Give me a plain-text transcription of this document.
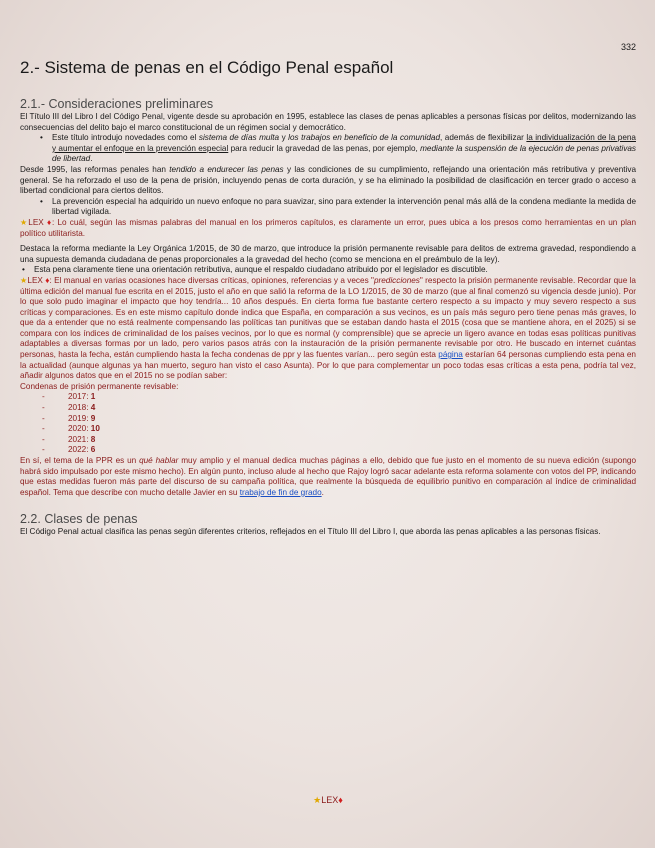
332
2.- Sistema de penas en el Código Penal español
2.1.- Consideraciones preliminares

El Título III del Libro I del Código Penal, vigente desde su aprobación en 1995, establece las clases de penas aplicables a personas físicas por delitos, modernizando las consecuencias del delito bajo el marco constitucional de un régimen social y democrático.

• Este título introdujo novedades como el sistema de días multa y los trabajos en beneficio de la comunidad, además de flexibilizar la individualización de la pena y aumentar el enfoque en la prevención especial para reducir la gravedad de las penas, por ejemplo, mediante la suspensión de la ejecución de penas privativas de libertad.

Desde 1995, las reformas penales han tendido a endurecer las penas y las condiciones de su cumplimiento, reflejando una orientación más retributiva y preventiva general. Se ha reforzado el uso de la pena de prisión, incluyendo penas de corta duración, y se ha eliminado la posibilidad de clasificación en tercer grado o acceso a libertad condicional para ciertos delitos.

• La prevención especial ha adquirido un nuevo enfoque no para suavizar, sino para extender la intervención penal más allá de la condena mediante la medida de libertad vigilada.

★LEX ♦: Lo cuál, según las mismas palabras del manual en los primeros capítulos, es claramente un error, pues ubica a los presos como herramientas en un plan político utilitarista.

Destaca la reforma mediante la Ley Orgánica 1/2015, de 30 de marzo, que introduce la prisión permanente revisable para delitos de extrema gravedad, respondiendo a una supuesta demanda ciudadana de penas proporcionales a la gravedad del hecho (como se menciona en el preámbulo de la ley).

• Esta pena claramente tiene una orientación retributiva, aunque el respaldo ciudadano atribuido por el legislador es discutible.

★LEX ♦: El manual en varias ocasiones hace diversas críticas, opiniones, referencias y a veces "predicciones" respecto la prisión permanente revisable. Recordar que la última edición del manual fue escrita en el 2015, justo el año en que salió la reforma de la LO 1/2015, de 30 de marzo (que al final comenzó su vigencia desde junio). Por lo que solo pudo imaginar el impacto que hoy tendría... 10 años después. En cierta forma fue bastante certero respecto a su impacto y muy severo respecto a sus críticas y comparaciones. Es en este mismo capítulo donde indica que España, en comparación a sus vecinos, es un país más seguro pero tiene penas más graves, lo que da a entender que no está realmente compensando las políticas tan punitivas que se estaban dando hasta el 2015 (cosa que se mantiene ahora, en el 2025) si se compara con los índices de criminalidad de los países vecinos, por lo que es normal (y comprensible) que se aprecie un ligero avance en todas esas políticas punitivas adaptables a diversas formas por un lado, pero varios pasos atrás con la instauración de la prisión permanente revisable por otro. He buscado en internet cuántas personas, hasta la fecha, están cumpliendo hasta la fecha condenas de ppr y las fuentes varían... pero según esta página estarían 64 personas cumpliendo esta pena en la actualidad (aunque algunas ya han muerto, seguro han visto el caso Asunta). Por lo que para complementar un poco todas esas críticas a esta pena, podría tal vez, añadir algunos datos que en el 2015 no se podían saber:

Condenas de prisión permanente revisable:

- 2017: 1
- 2018: 4
- 2019: 9
- 2020: 10
- 2021: 8
- 2022: 6

En sí, el tema de la PPR es un qué hablar muy amplio y el manual dedica muchas páginas a ello, debido que fue justo en el momento de su nueva edición (supongo habrá sido impulsado por este mismo hecho). En algún punto, incluso alude al hecho que Rajoy logró sacar adelante esta reforma solamente con votos del PP, indicando que estas medidas fueron más parte del discurso de su campaña política, que realmente la búsqueda de equilibrio punitivo en comparación al índice de criminalidad español. Tema que describe con mucho detalle Javier en su trabajo de fin de grado.

2.2. Clases de penas

El Código Penal actual clasifica las penas según diferentes criterios, reflejados en el Título III del Libro I, que aborda las penas aplicables a las personas físicas.

★LEX♦
